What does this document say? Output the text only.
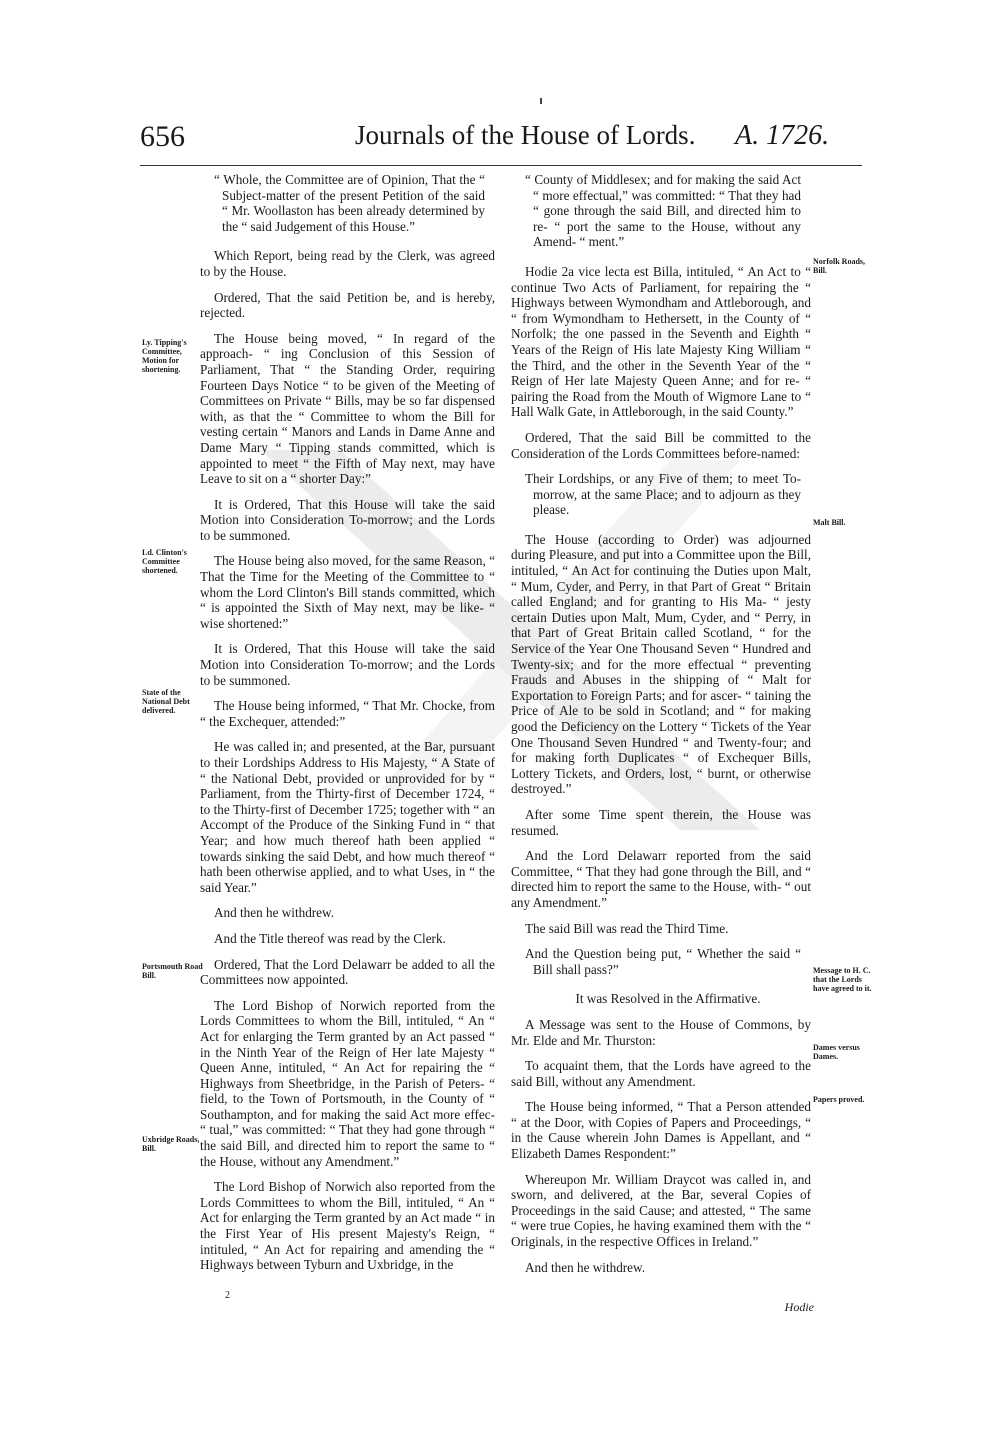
656	Journals of the House of Lords. A. 1726.

“ Whole, the Committee are of Opinion, That the “ Subject-matter of the present Petition of the said “ Mr. Woollaston has been already determined by the “ said Judgement of this House.”

Which Report, being read by the Clerk, was agreed to by the House.

Ordered, That the said Petition be, and is hereby, rejected.

The House being moved, “ In regard of the approach- “ ing Conclusion of this Session of Parliament, That “ the Standing Order, requiring Fourteen Days Notice “ to be given of the Meeting of Committees on Private “ Bills, may be so far dispensed with, as that the “ Committee to whom the Bill for vesting certain “ Manors and Lands in Dame Anne and Dame Mary “ Tipping stands committed, which is appointed to meet “ the Fifth of May next, may have Leave to sit on a “ shorter Day:”

It is Ordered, That this House will take the said Motion into Consideration To-morrow; and the Lords to be summoned.

The House being also moved, for the same Reason, “ That the Time for the Meeting of the Committee to “ whom the Lord Clinton's Bill stands committed, which “ is appointed the Sixth of May next, may be like- “ wise shortened:”

It is Ordered, That this House will take the said Motion into Consideration To-morrow; and the Lords to be summoned.

The House being informed, “ That Mr. Chocke, from “ the Exchequer, attended:”

He was called in; and presented, at the Bar, pursuant to their Lordships Address to His Majesty, “ A State of “ the National Debt, provided or unprovided for by “ Parliament, from the Thirty-first of December 1724, “ to the Thirty-first of December 1725; together with “ an Accompt of the Produce of the Sinking Fund in “ that Year; and how much thereof hath been applied “ towards sinking the said Debt, and how much thereof “ hath been otherwise applied, and to what Uses, in “ the said Year.”

And then he withdrew.

And the Title thereof was read by the Clerk.

Ordered, That the Lord Delawarr be added to all the Committees now appointed.

The Lord Bishop of Norwich reported from the Lords Committees to whom the Bill, intituled, “ An “ Act for enlarging the Term granted by an Act passed “ in the Ninth Year of the Reign of Her late Majesty “ Queen Anne, intituled, “ An Act for repairing the “ Highways from Sheetbridge, in the Parish of Peters- “ field, to the Town of Portsmouth, in the County of “ Southampton, and for making the said Act more effec- “ tual,” was committed: “ That they had gone through “ the said Bill, and directed him to report the same to “ the House, without any Amendment.”

The Lord Bishop of Norwich also reported from the Lords Committees to whom the Bill, intituled, “ An “ Act for enlarging the Term granted by an Act made “ in the First Year of His present Majesty's Reign, “ intituled, “ An Act for repairing and amending the “ Highways between Tyburn and Uxbridge, in the

“ County of Middlesex; and for making the said Act “ more effectual,” was committed: “ That they had “ gone through the said Bill, and directed him to re- “ port the same to the House, without any Amend- “ ment.”

Hodie 2a vice lecta est Billa, intituled, “ An Act to “ continue Two Acts of Parliament, for repairing the “ Highways between Wymondham and Attleborough, and “ from Wymondham to Hethersett, in the County of “ Norfolk; the one passed in the Seventh and Eighth “ Years of the Reign of His late Majesty King William “ the Third, and the other in the Seventh Year of the “ Reign of Her late Majesty Queen Anne; and for re- “ pairing the Road from the Mouth of Wigmore Lane to “ Hall Walk Gate, in Attleborough, in the said County.”

Ordered, That the said Bill be committed to the Consideration of the Lords Committees before-named:

Their Lordships, or any Five of them; to meet To-morrow, at the same Place; and to adjourn as they please.

The House (according to Order) was adjourned during Pleasure, and put into a Committee upon the Bill, intituled, “ An Act for continuing the Duties upon Malt, “ Mum, Cyder, and Perry, in that Part of Great “ Britain called England; and for granting to His Ma- “ jesty certain Duties upon Malt, Mum, Cyder, and “ Perry, in that Part of Great Britain called Scotland, “ for the Service of the Year One Thousand Seven “ Hundred and Twenty-six; and for the more effectual “ preventing Frauds and Abuses in the shipping of “ Malt for Exportation to Foreign Parts; and for ascer- “ taining the Price of Ale to be sold in Scotland; and “ for making good the Deficiency on the Lottery “ Tickets of the Year One Thousand Seven Hundred “ and Twenty-four; and for making forth Duplicates “ of Exchequer Bills, Lottery Tickets, and Orders, lost, “ burnt, or otherwise destroyed.”

After some Time spent therein, the House was resumed.

And the Lord Delawarr reported from the said Committee, “ That they had gone through the Bill, and “ directed him to report the same to the House, with- “ out any Amendment.”

The said Bill was read the Third Time.

And the Question being put, “ Whether the said “ Bill shall pass?”

It was Resolved in the Affirmative.

A Message was sent to the House of Commons, by Mr. Elde and Mr. Thurston:

To acquaint them, that the Lords have agreed to the said Bill, without any Amendment.

The House being informed, “ That a Person attended “ at the Door, with Copies of Papers and Proceedings, “ in the Cause wherein John Dames is Appellant, and “ Elizabeth Dames Respondent:”

Whereupon Mr. William Draycot was called in, and sworn, and delivered, at the Bar, several Copies of Proceedings in the said Cause; and attested, “ The same “ were true Copies, he having examined them with the “ Originals, in the respective Offices in Ireland.”

And then he withdrew.

Ly. Tipping's Committee, Motion for shortening.
Ld. Clinton's Committee shortened.
State of the National Debt delivered.
Portsmouth Road Bill.
Uxbridge Roads, Bill.
Norfolk Roads, Bill.
Malt Bill.
Message to H. C. that the Lords have agreed to it.
Dames versus Dames.
Papers proved.
2
Hodie
